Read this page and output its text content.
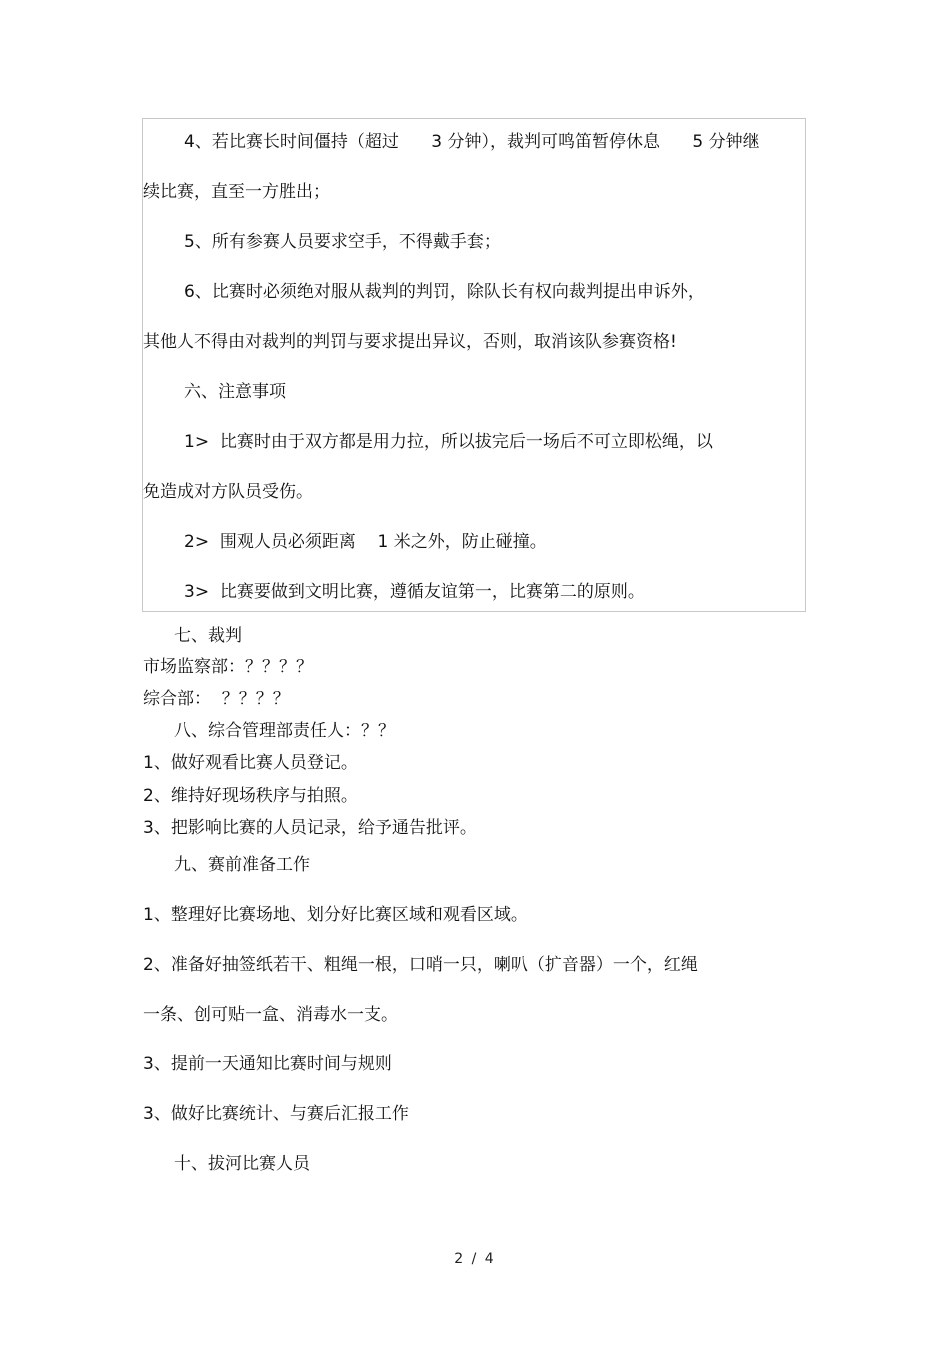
4、若比赛长时间僵持（超过      3 分钟），裁判可鸣笛暂停休息      5 分钟继
续比赛，直至一方胜出；
5、所有参赛人员要求空手，不得戴手套；
6、比赛时必须绝对服从裁判的判罚，除队长有权向裁判提出申诉外，
其他人不得由对裁判的判罚与要求提出异议，否则，取消该队参赛资格!
六、注意事项
1>  比赛时由于双方都是用力拉，所以拔完后一场后不可立即松绳，以
免造成对方队员受伤。
2>  围观人员必须距离    1 米之外，防止碰撞。
3>  比赛要做到文明比赛，遵循友谊第一，比赛第二的原则。
七、裁判
市场监察部：？？？？
综合部：  ？？？？
八、综合管理部责任人：？？
1、做好观看比赛人员登记。
2、维持好现场秩序与拍照。
3、把影响比赛的人员记录，给予通告批评。
九、赛前准备工作
1、整理好比赛场地、划分好比赛区域和观看区域。
2、准备好抽签纸若干、粗绳一根，口哨一只，喇叭（扩音器）一个，红绳
一条、创可贴一盒、消毒水一支。
3、提前一天通知比赛时间与规则
3、做好比赛统计、与赛后汇报工作
十、拔河比赛人员
2 / 4
